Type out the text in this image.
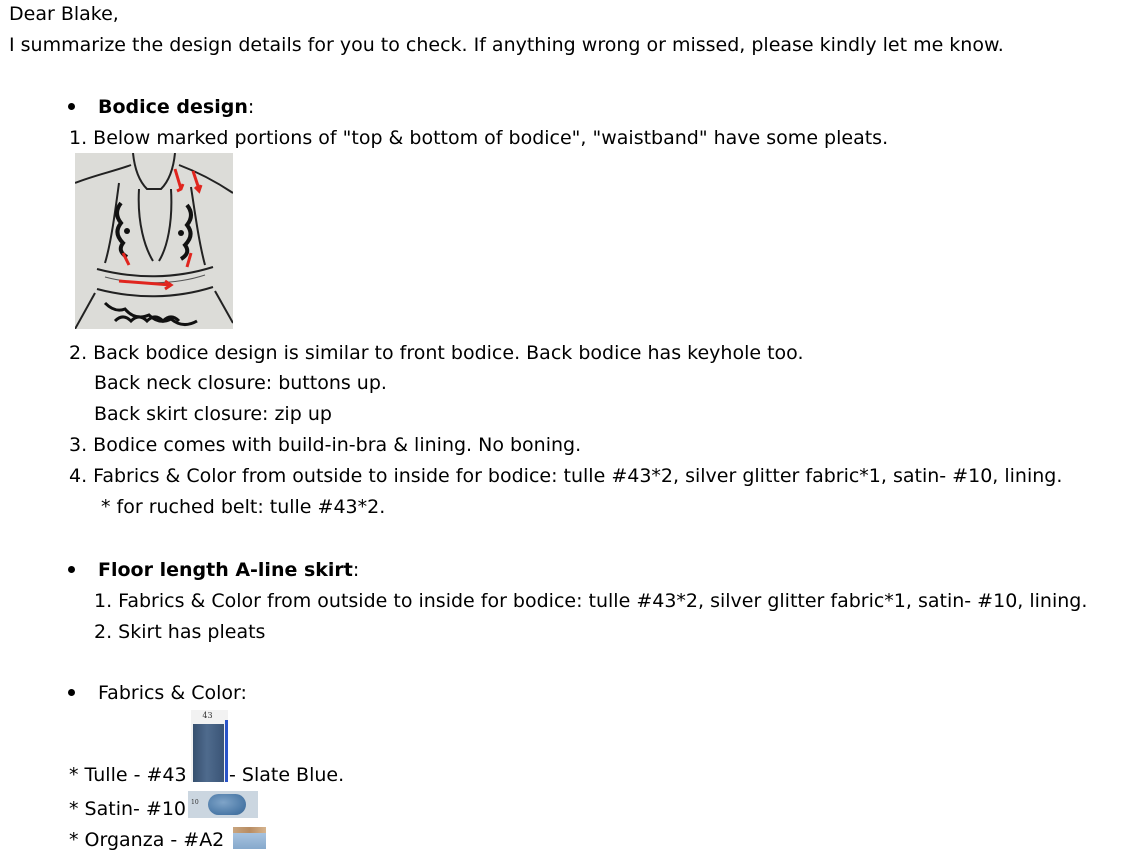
Dear Blake,
I summarize the design details for you to check. If anything wrong or missed, please kindly let me know.
Bodice design:
1. Below marked portions of "top & bottom of bodice", "waistband" have some pleats.
2. Back bodice design is similar to front bodice. Back bodice has keyhole too.
Back neck closure: buttons up.
Back skirt closure: zip up
3. Bodice comes with build-in-bra & lining. No boning.
4. Fabrics & Color from outside to inside for bodice: tulle #43*2, silver glitter fabric*1, satin- #10, lining.
* for ruched belt: tulle #43*2.
Floor length A-line skirt:
1. Fabrics & Color from outside to inside for bodice: tulle #43*2, silver glitter fabric*1, satin- #10, lining.
2. Skirt has pleats
Fabrics & Color:
* Tulle - #43
43
- Slate Blue.
* Satin- #10 10
* Organza - #A2
